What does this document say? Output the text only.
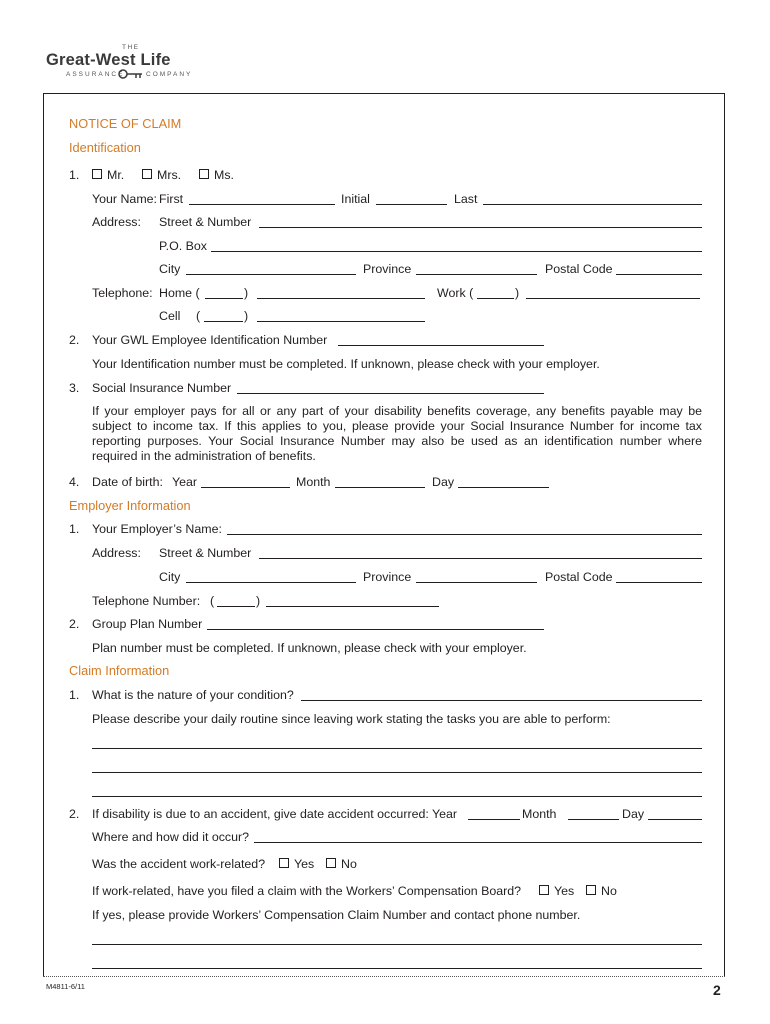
THE
Great-West Life
ASSURANCE	COMPANY
NOTICE OF CLAIM
Identification
1. Mr.	Mrs.	Ms.
Your Name: First	Initial	Last
Address: Street & Number
P.O. Box
City	Province	Postal Code
Telephone: Home (	)	Work (	)
Cell (	)
2. Your GWL Employee Identification Number
Your Identification number must be completed. If unknown, please check with your employer.
3. Social Insurance Number
If your employer pays for all or any part of your disability benefits coverage, any benefits payable may be subject to income tax. If this applies to you, please provide your Social Insurance Number for income tax reporting purposes. Your Social Insurance Number may also be used as an identification number where required in the administration of benefits.
4. Date of birth: Year	Month	Day
Employer Information
1. Your Employer’s Name:
Address: Street & Number
City	Province	Postal Code
Telephone Number: (	)
2. Group Plan Number
Plan number must be completed. If unknown, please check with your employer.
Claim Information
1. What is the nature of your condition?
Please describe your daily routine since leaving work stating the tasks you are able to perform:
2. If disability is due to an accident, give date accident occurred: Year	Month	Day
Where and how did it occur?
Was the accident work-related? Yes No
If work-related, have you filed a claim with the Workers’ Compensation Board?	Yes No
If yes, please provide Workers’ Compensation Claim Number and contact phone number.
M4811-6/11	2
